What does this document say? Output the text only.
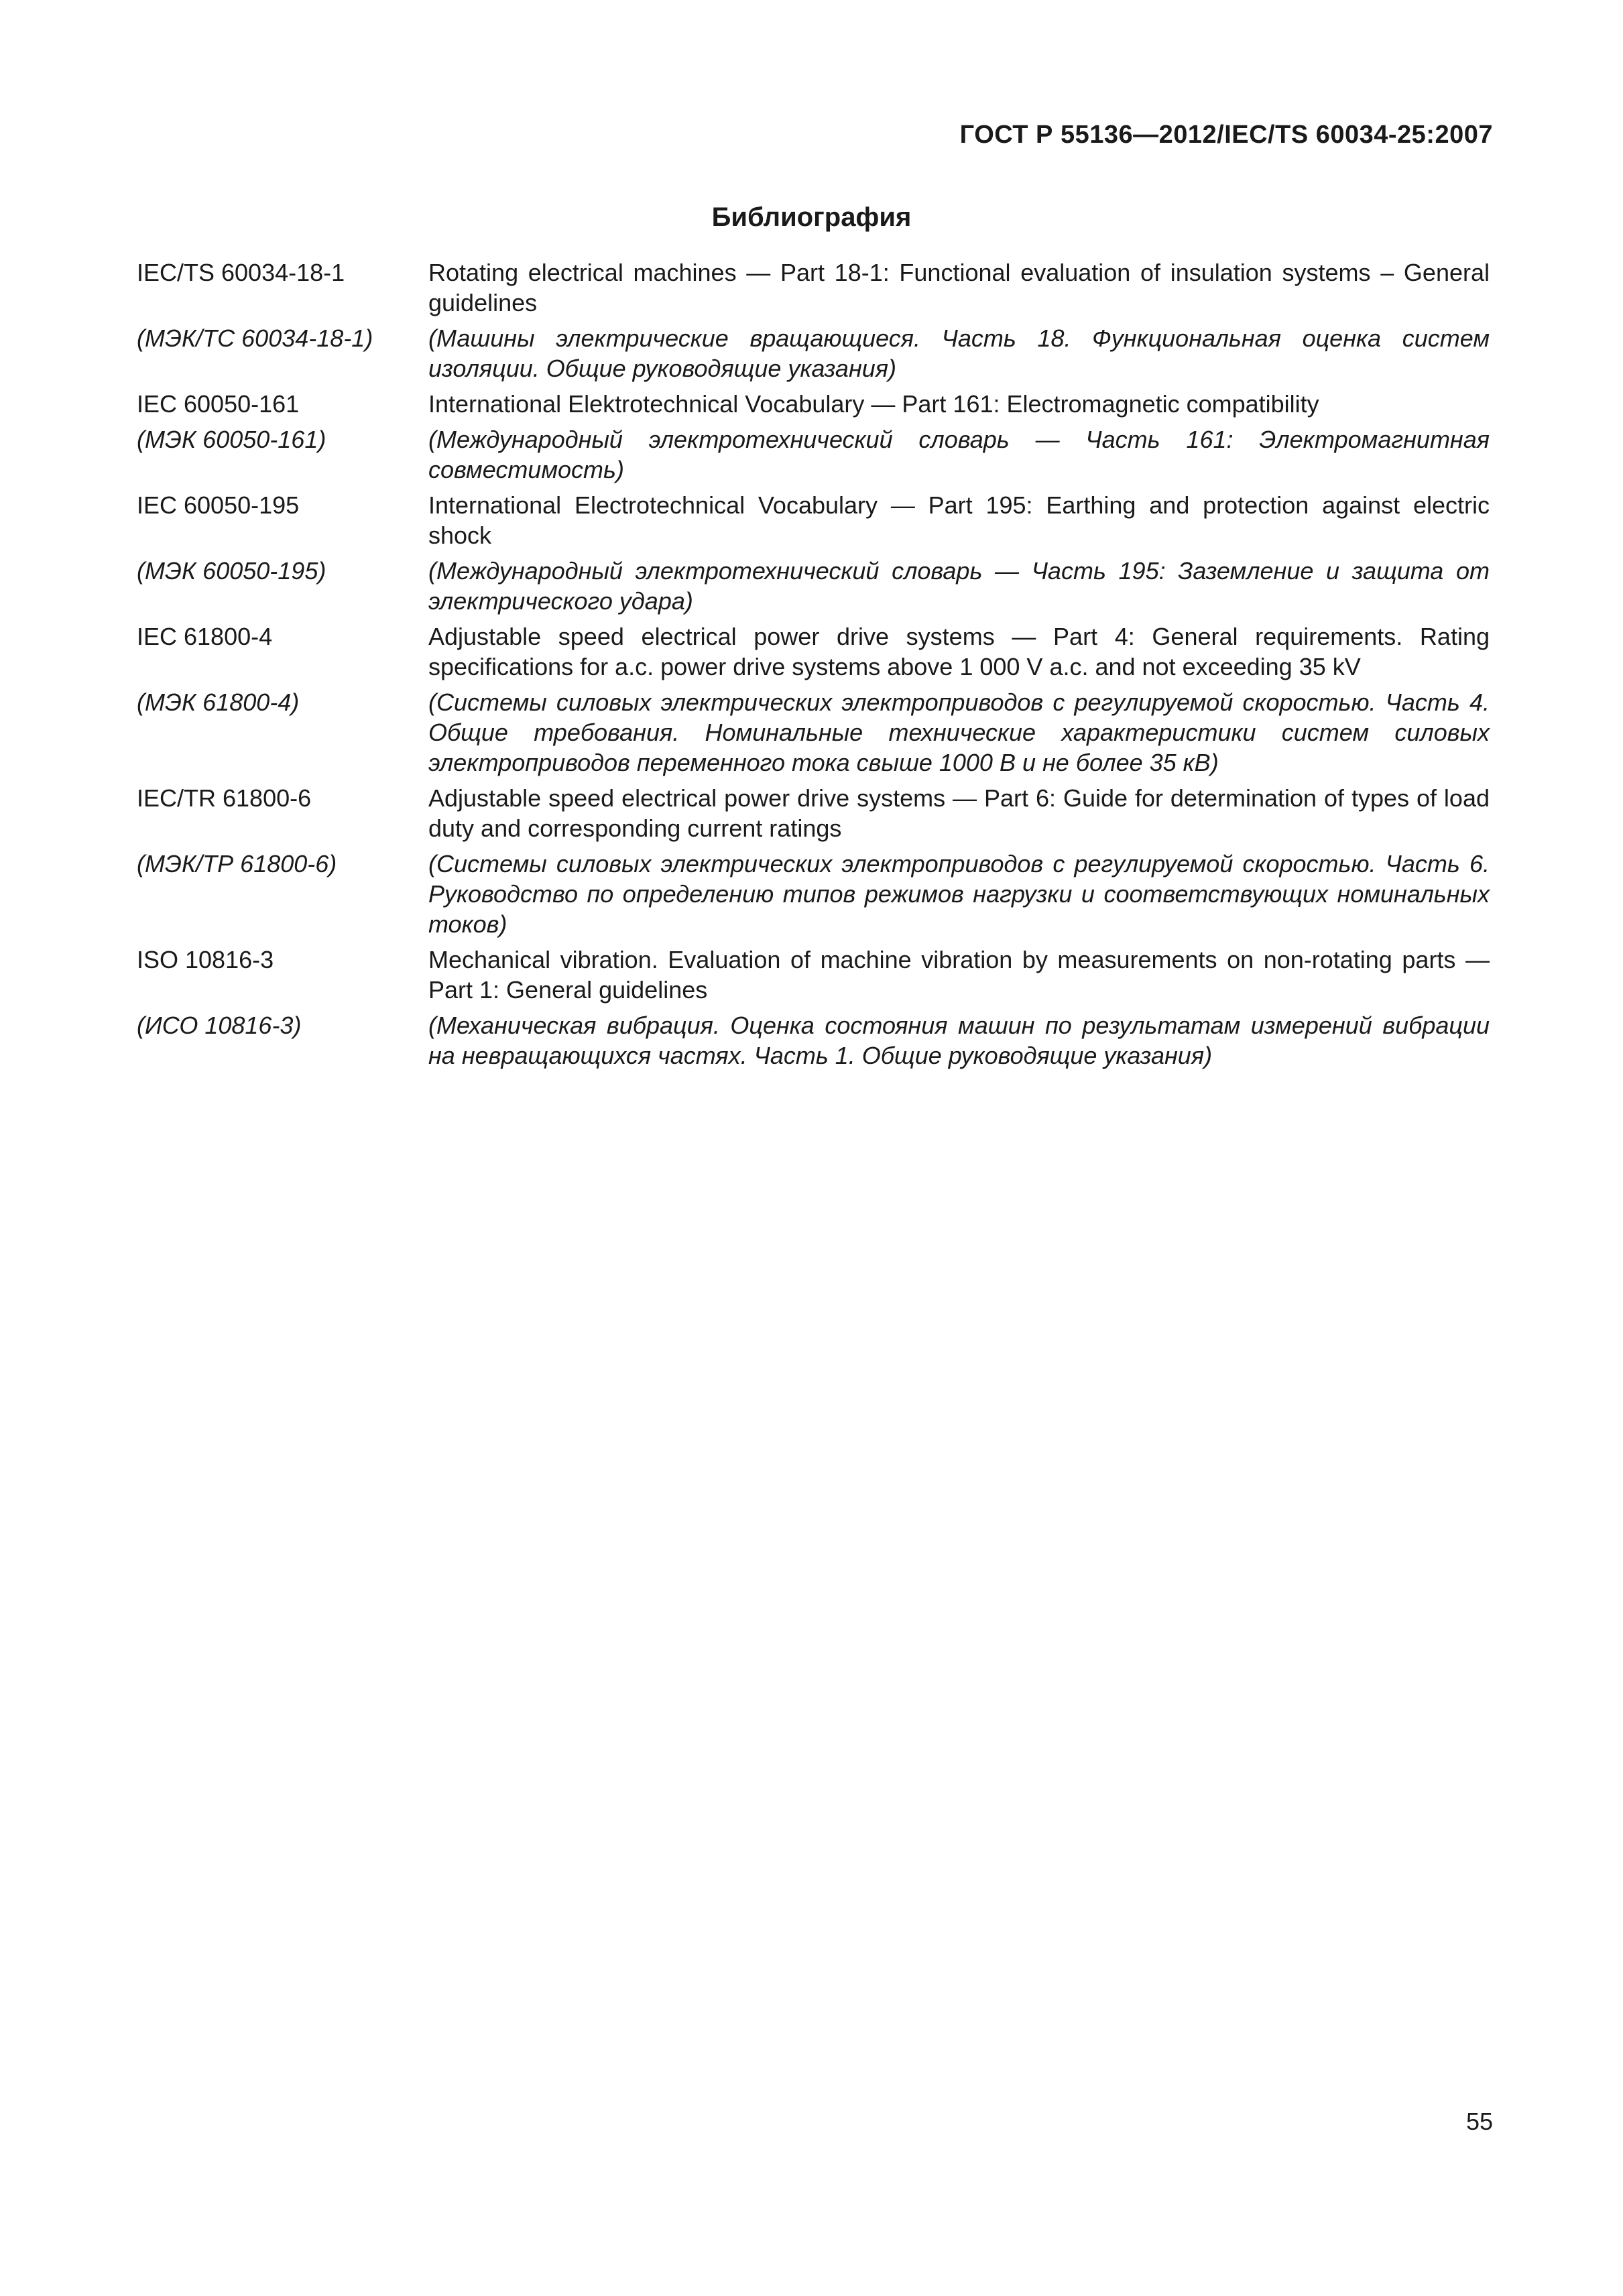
ГОСТ Р 55136—2012/IEC/TS 60034-25:2007
Библиография
IEC/TS 60034-18-1	Rotating electrical machines — Part 18-1: Functional evaluation of insulation systems – General guidelines
(МЭК/ТС 60034-18-1)	(Машины электрические вращающиеся. Часть 18. Функциональная оценка систем изоляции. Общие руководящие указания)
IEC 60050-161	International Elektrotechnical Vocabulary — Part 161: Electromagnetic compatibility
(МЭК 60050-161)	(Международный электротехнический словарь — Часть 161: Электромагнитная совместимость)
IEC 60050-195	International Electrotechnical Vocabulary — Part 195: Earthing and protection against electric shock
(МЭК 60050-195)	(Международный электротехнический словарь — Часть 195: Заземление и защита от электрического удара)
IEC 61800-4	Adjustable speed electrical power drive systems — Part 4: General requirements. Rating specifications for a.c. power drive systems above 1 000 V a.c. and not exceeding 35 kV
(МЭК 61800-4)	(Системы силовых электрических электроприводов с регулируемой скоростью. Часть 4. Общие требования. Номинальные технические характеристики систем силовых электроприводов переменного тока свыше 1000 В и не более 35 кВ)
IEC/TR 61800-6	Adjustable speed electrical power drive systems — Part 6: Guide for determination of types of load duty and corresponding current ratings
(МЭК/ТР 61800-6)	(Системы силовых электрических электроприводов с регулируемой скоростью. Часть 6. Руководство по определению типов режимов нагрузки и соответствующих номинальных токов)
ISO 10816-3	Mechanical vibration. Evaluation of machine vibration by measurements on non-rotating parts — Part 1: General guidelines
(ИСО 10816-3)	(Механическая вибрация. Оценка состояния машин по результатам измерений вибрации на невращающихся частях. Часть 1. Общие руководящие указания)
55
